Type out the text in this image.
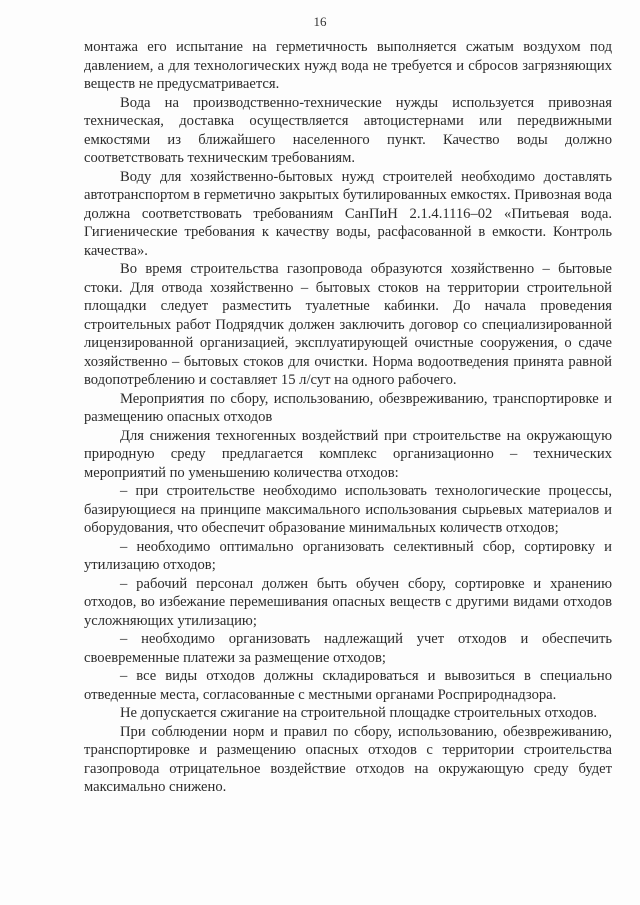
16

монтажа его испытание на герметичность выполняется сжатым воздухом под давлением, а для технологических нужд вода не требуется и сбросов загрязняющих веществ не предусматривается.

Вода на производственно-технические нужды используется привозная техническая, доставка осуществляется автоцистернами или передвижными емкостями из ближайшего населенного пункт. Качество воды должно соответствовать техническим требованиям.

Воду для хозяйственно-бытовых нужд строителей необходимо доставлять автотранспортом в герметично закрытых бутилированных емкостях. Привозная вода должна соответствовать требованиям СанПиН 2.1.4.1116–02 «Питьевая вода. Гигиенические требования к качеству воды, расфасованной в емкости. Контроль качества».

Во время строительства газопровода образуются хозяйственно – бытовые стоки. Для отвода хозяйственно – бытовых стоков на территории строительной площадки следует разместить туалетные кабинки. До начала проведения строительных работ Подрядчик должен заключить договор со специализированной лицензированной организацией, эксплуатирующей очистные сооружения, о сдаче хозяйственно – бытовых стоков для очистки. Норма водоотведения принята равной водопотреблению и составляет 15 л/сут на одного рабочего.

Мероприятия по сбору, использованию, обезвреживанию, транспортировке и размещению опасных отходов

Для снижения техногенных воздействий при строительстве на окружающую природную среду предлагается комплекс организационно – технических мероприятий по уменьшению количества отходов:

– при строительстве необходимо использовать технологические процессы, базирующиеся на принципе максимального использования сырьевых материалов и оборудования, что обеспечит образование минимальных количеств отходов;

– необходимо оптимально организовать селективный сбор, сортировку и утилизацию отходов;

– рабочий персонал должен быть обучен сбору, сортировке и хранению отходов, во избежание перемешивания опасных веществ с другими видами отходов усложняющих утилизацию;

– необходимо организовать надлежащий учет отходов и обеспечить своевременные платежи за размещение отходов;

– все виды отходов должны складироваться и вывозиться в специально отведенные места, согласованные с местными органами Росприроднадзора.

Не допускается сжигание на строительной площадке строительных отходов.

При соблюдении норм и правил по сбору, использованию, обезвреживанию, транспортировке и размещению опасных отходов с территории строительства газопровода отрицательное воздействие отходов на окружающую среду будет максимально снижено.
